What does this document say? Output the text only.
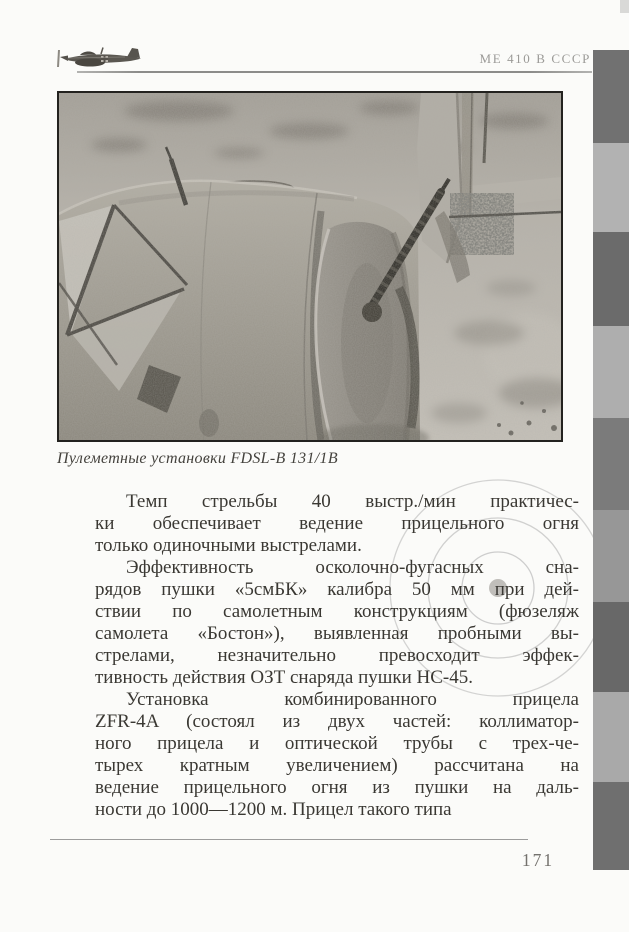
МЕ 410 В СССР
Пулеметные установки FDSL-B 131/1В
Темп стрельбы 40 выстр./мин практичес-
ки обеспечивает ведение прицельного огня
только одиночными выстрелами.
Эффективность осколочно-фугасных сна-
рядов пушки «5смБК» калибра 50 мм при дей-
ствии по самолетным конструкциям (фюзеляж
самолета «Бостон»), выявленная пробными вы-
стрелами, незначительно превосходит эффек-
тивность действия ОЗТ снаряда пушки НС-45.
Установка комбинированного прицела
ZFR-4A (состоял из двух частей: коллиматор-
ного прицела и оптической трубы с трех-че-
тырех кратным увеличением) рассчитана на
ведение прицельного огня из пушки на даль-
ности до 1000—1200 м. Прицел такого типа
171
